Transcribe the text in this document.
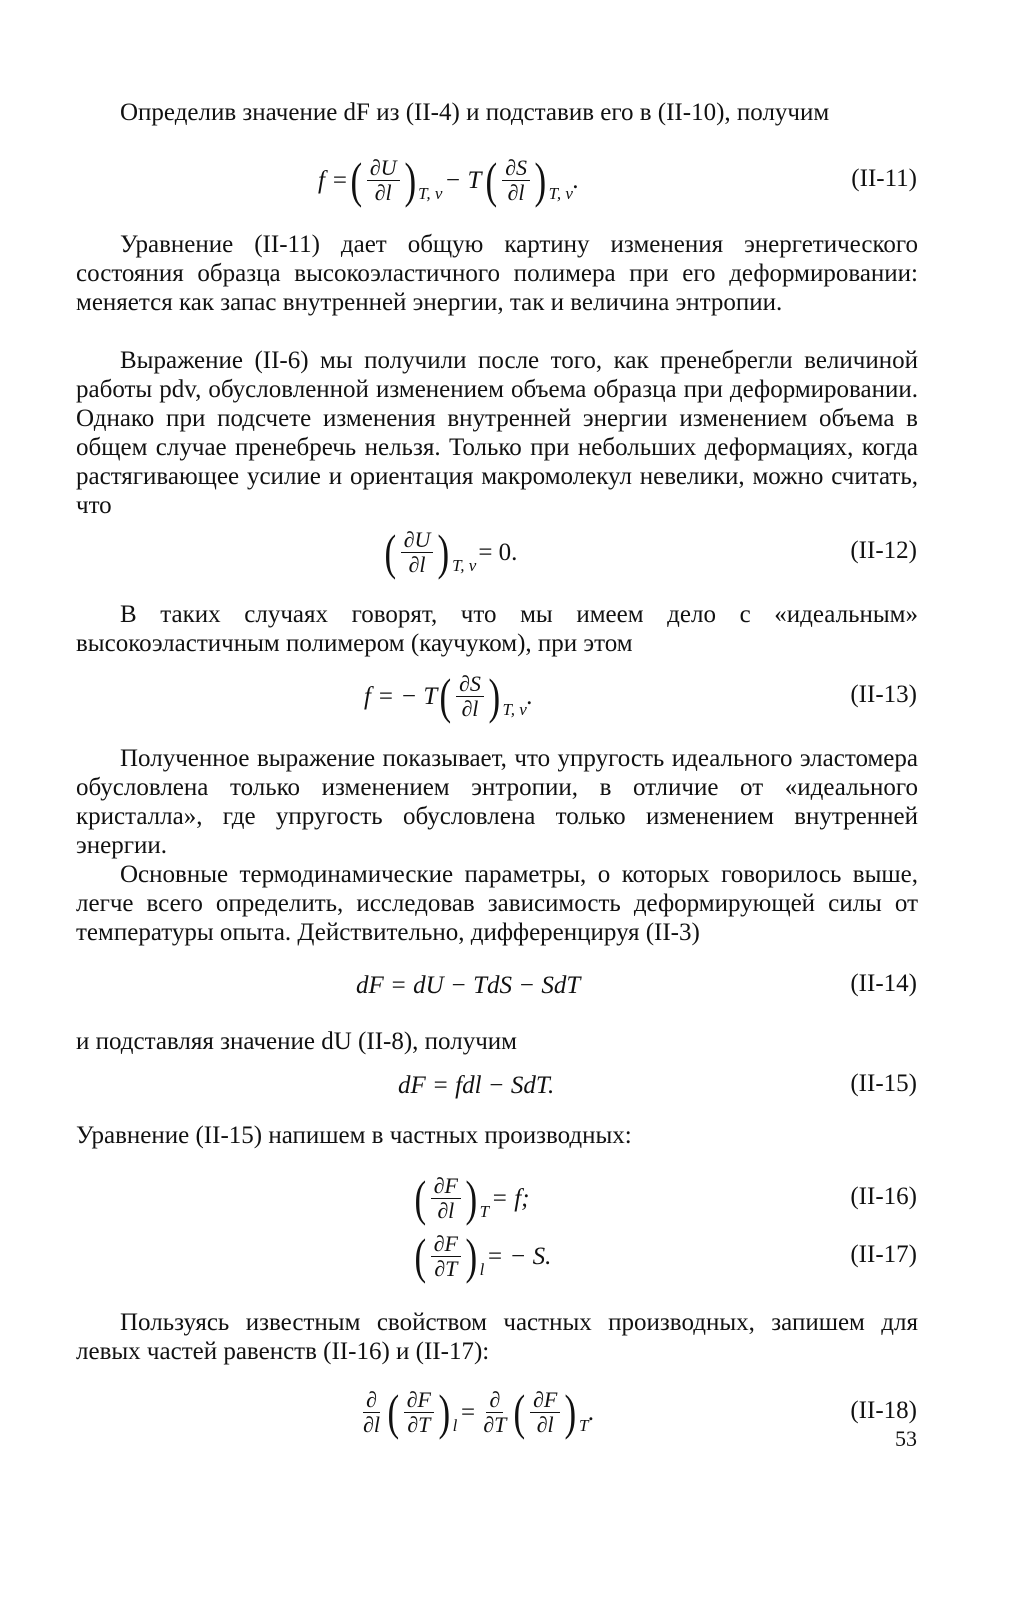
Определив значение dF из (II-4) и подставив его в (II-10), получим

f = ( $\frac{\partial U}{\partial l}$ ) T, v − T ( $\frac{\partial S}{\partial l}$ ) T, v .	(II-11)

Уравнение (II-11) дает общую картину изменения энергетического состояния образца высокоэластичного полимера при его деформировании: меняется как запас внутренней энергии, так и величина энтропии.

Выражение (II-6) мы получили после того, как пренебрегли величиной работы pdv, обусловленной изменением объема образца при деформировании. Однако при подсчете изменения внутренней энергии изменением объема в общем случае пренебречь нельзя. Только при небольших деформациях, когда растягивающее усилие и ориентация макромолекул невелики, можно считать, что

( $\frac{\partial U}{\partial l}$ ) T, v = 0.	(II-12)

В таких случаях говорят, что мы имеем дело с «идеальным» высокоэластичным полимером (каучуком), при этом

f = − T ( $\frac{\partial S}{\partial l}$ ) T, v .	(II-13)

Полученное выражение показывает, что упругость идеального эластомера обусловлена только изменением энтропии, в отличие от «идеального кристалла», где упругость обусловлена только изменением внутренней энергии.

Основные термодинамические параметры, о которых говорилось выше, легче всего определить, исследовав зависимость деформирующей силы от температуры опыта. Действительно, дифференцируя (II-3)

dF = dU − TdS − SdT	(II-14)

и подставляя значение dU (II-8), получим

dF = fdl − SdT.	(II-15)

Уравнение (II-15) напишем в частных производных:

( $\frac{\partial F}{\partial l}$ ) T = f;	(II-16)
( $\frac{\partial F}{\partial T}$ ) l = − S.	(II-17)

Пользуясь известным свойством частных производных, запишем для левых частей равенств (II-16) и (II-17):

$\frac{\partial}{\partial l}$ ( $\frac{\partial F}{\partial T}$ ) $l = \frac{\partial}{\partial T}$ ( $\frac{\partial F}{\partial l}$ ) T .	(II-18)
53
